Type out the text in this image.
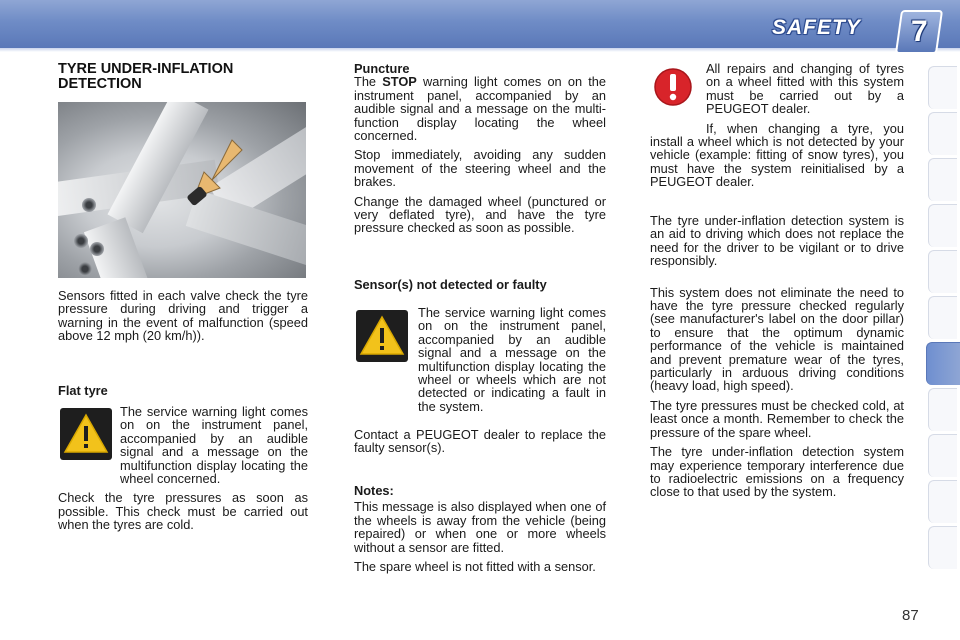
SAFETY 7
TYRE UNDER-INFLATION
DETECTION

Sensors fitted in each valve check the tyre pressure during driving and trigger a warning in the event of malfunction (speed above 12 mph (20 km/h)).

Flat tyre

The service warning light comes on on the instrument panel, accompanied by an audible signal and a message on the multifunction display locating the wheel concerned.

Check the tyre pressures as soon as possible. This check must be carried out when the tyres are cold.

Puncture

The STOP warning light comes on on the instrument panel, accompanied by an audible signal and a message on the multi-function display locating the wheel concerned.

Stop immediately, avoiding any sudden movement of the steering wheel and the brakes.

Change the damaged wheel (punctured or very deflated tyre), and have the tyre pressure checked as soon as possible.

Sensor(s) not detected or faulty

The service warning light comes on on the instrument panel, accompanied by an audible signal and a message on the multifunction display locating the wheel or wheels which are not detected or indicating a fault in the system.

Contact a PEUGEOT dealer to replace the faulty sensor(s).

Notes:

This message is also displayed when one of the wheels is away from the vehicle (being repaired) or when one or more wheels without a sensor are fitted.

The spare wheel is not fitted with a sensor.

All repairs and changing of tyres on a wheel fitted with this system must be carried out by a PEUGEOT dealer.

If, when changing a tyre, you install a wheel which is not detected by your vehicle (example: fitting of snow tyres), you must have the system reinitialised by a PEUGEOT dealer.

The tyre under-inflation detection system is an aid to driving which does not replace the need for the driver to be vigilant or to drive responsibly.

This system does not eliminate the need to have the tyre pressure checked regularly (see manufacturer's label on the door pillar) to ensure that the optimum dynamic performance of the vehicle is maintained and prevent premature wear of the tyres, particularly in arduous driving conditions (heavy load, high speed).

The tyre pressures must be checked cold, at least once a month. Remember to check the pressure of the spare wheel.

The tyre under-inflation detection system may experience temporary interference due to radioelectric emissions on a frequency close to that used by the system.

87
